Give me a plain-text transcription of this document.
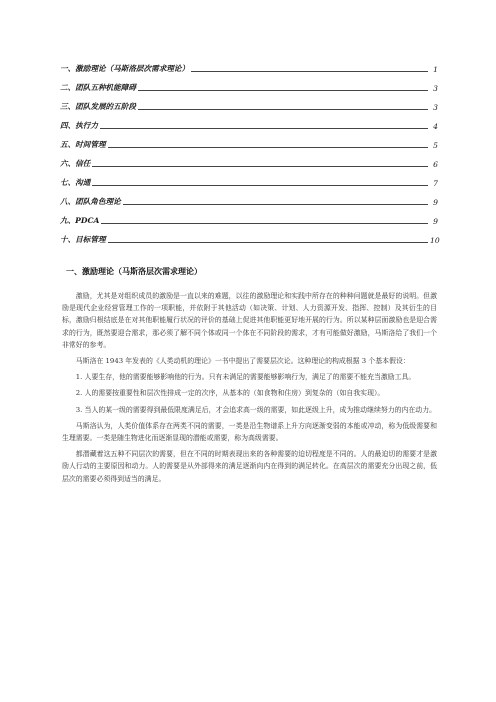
一、激励理论（马斯洛层次需求理论）	1
二、团队五种机能障碍	3
三、团队发展的五阶段	3
四、执行力	4
五、时间管理	5
六、信任	6
七、沟通	7
八、团队角色理论	9
九、PDCA	9
十、目标管理	10
一、激励理论（马斯洛层次需求理论）

激励，尤其是对组织成员的激励是一直以来的难题，以往的激励理论和实践中所存在的种种问题就是最好的说明。但激励是现代企业经营管理工作的一项职能，并依附于其他活动（如决策、计划、人力资源开发、指挥、控制）及其衍生的目标，激励归根结底是在对其他职能履行状况的评价的基础上促进其他职能更好地开展的行为。所以某种层面激励也是迎合需求的行为，既然要迎合需求，那必须了解不同个体或同一个体在不同阶段的需求，才有可能做好激励，马斯洛给了我们一个非常好的参考。

马斯洛在 1943 年发表的《人类动机的理论》一书中提出了需要层次论。这种理论的构成根据 3 个基本假设：

1. 人要生存，他的需要能够影响他的行为。只有未满足的需要能够影响行为，满足了的需要不能充当激励工具。

2. 人的需要按重要性和层次性排成一定的次序，从基本的（如食物和住房）到复杂的（如自我实现）。

3. 当人的某一级的需要得到最低限度满足后，才会追求高一级的需要，如此逐级上升，成为推动继续努力的内在动力。

马斯洛认为，人类价值体系存在两类不同的需要，一类是沿生物谱系上升方向逐渐变弱的本能或冲动，称为低级需要和生理需要。一类是随生物进化而逐渐显现的潜能或需要，称为高级需要。

都潜藏着这五种不同层次的需要，但在不同的时期表现出来的各种需要的迫切程度是不同的。人的最迫切的需要才是激励人行动的主要原因和动力。人的需要是从外部得来的满足逐渐向内在得到的满足转化。在高层次的需要充分出现之前，低层次的需要必须得到适当的满足。
